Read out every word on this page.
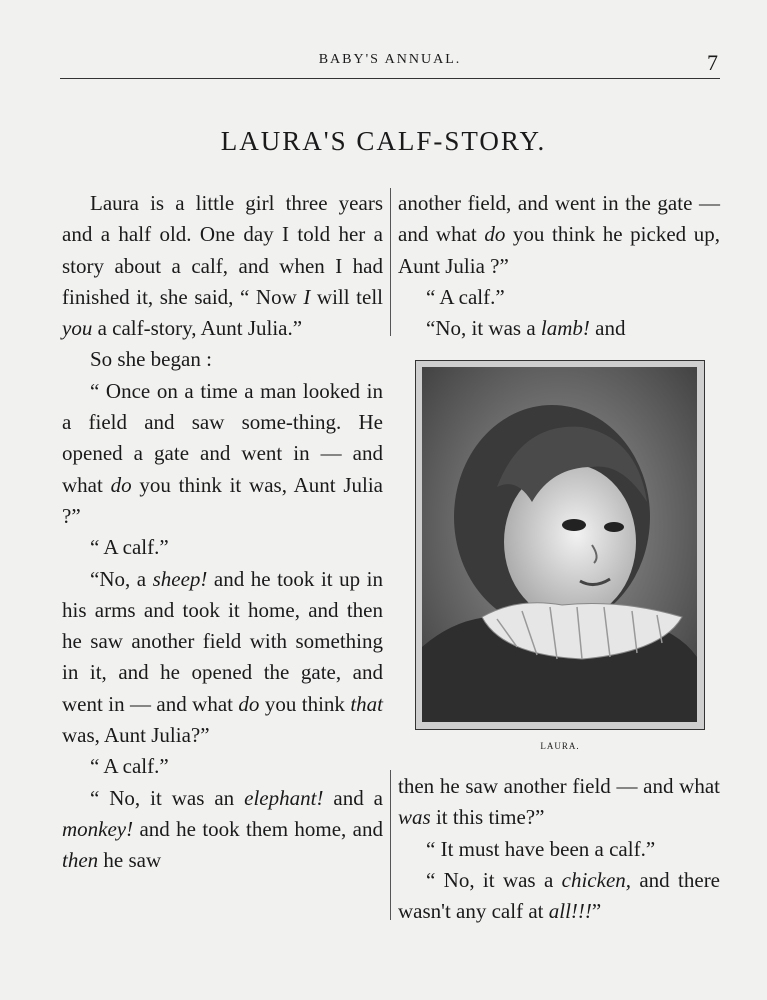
BABY'S ANNUAL.	7
LAURA'S CALF-STORY.

Laura is a little girl three years and a half old. One day I told her a story about a calf, and when I had finished it, she said, “ Now I will tell you a calf-story, Aunt Julia.”

So she began :

“ Once on a time a man looked in a field and saw some-thing. He opened a gate and went in — and what do you think it was, Aunt Julia ?”

“ A calf.”

“No, a sheep! and he took it up in his arms and took it home, and then he saw another field with something in it, and he opened the gate, and went in — and what do you think that was, Aunt Julia?”

“ A calf.”

“ No, it was an elephant! and a monkey! and he took them home, and then he saw

another field, and went in the gate — and what do you think he picked up, Aunt Julia ?”

“ A calf.”

“No, it was a lamb! and

LAURA.

then he saw another field — and what was it this time?”

“ It must have been a calf.”

“ No, it was a chicken, and there wasn't any calf at all!!!”
